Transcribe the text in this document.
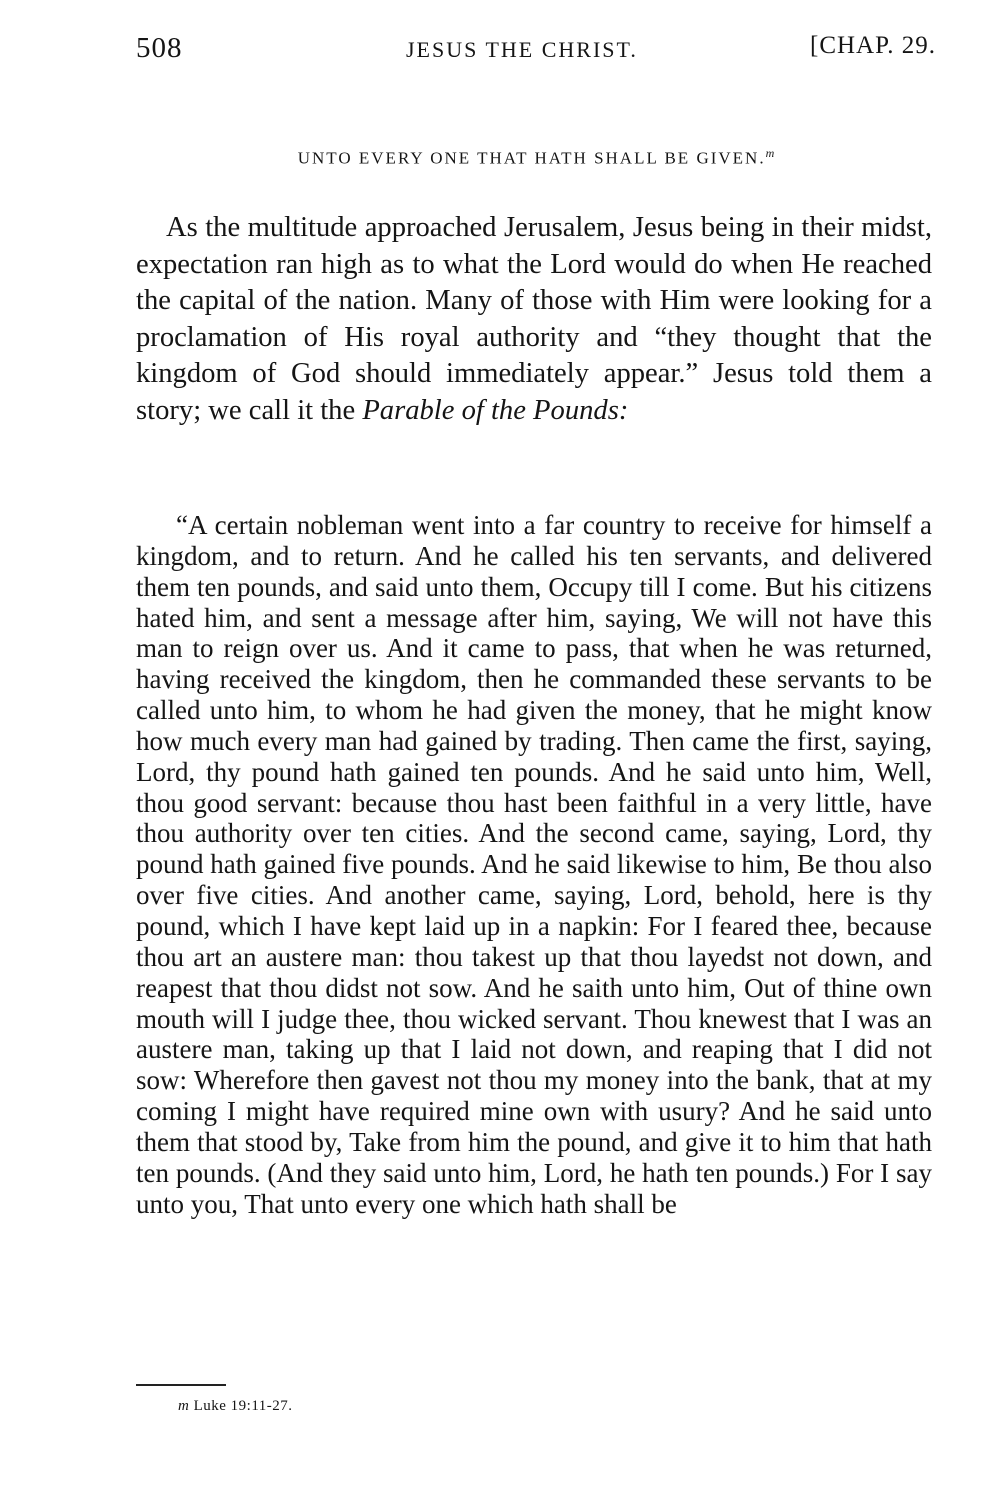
508	JESUS THE CHRIST.	[CHAP. 29.
UNTO EVERY ONE THAT HATH SHALL BE GIVEN.$^m$

As the multitude approached Jerusalem, Jesus being in their midst, expectation ran high as to what the Lord would do when He reached the capital of the nation. Many of those with Him were looking for a proclamation of His royal authority and “they thought that the kingdom of God should immediately appear.” Jesus told them a story; we call it the Parable of the Pounds:

“A certain nobleman went into a far country to receive for himself a kingdom, and to return. And he called his ten servants, and delivered them ten pounds, and said unto them, Occupy till I come. But his citizens hated him, and sent a message after him, saying, We will not have this man to reign over us. And it came to pass, that when he was returned, having received the kingdom, then he commanded these servants to be called unto him, to whom he had given the money, that he might know how much every man had gained by trading. Then came the first, saying, Lord, thy pound hath gained ten pounds. And he said unto him, Well, thou good servant: because thou hast been faithful in a very little, have thou authority over ten cities. And the second came, saying, Lord, thy pound hath gained five pounds. And he said likewise to him, Be thou also over five cities. And another came, saying, Lord, behold, here is thy pound, which I have kept laid up in a napkin: For I feared thee, because thou art an austere man: thou takest up that thou layedst not down, and reapest that thou didst not sow. And he saith unto him, Out of thine own mouth will I judge thee, thou wicked servant. Thou knewest that I was an austere man, taking up that I laid not down, and reaping that I did not sow: Wherefore then gavest not thou my money into the bank, that at my coming I might have required mine own with usury? And he said unto them that stood by, Take from him the pound, and give it to him that hath ten pounds. (And they said unto him, Lord, he hath ten pounds.) For I say unto you, That unto every one which hath shall be

m Luke 19:11-27.
